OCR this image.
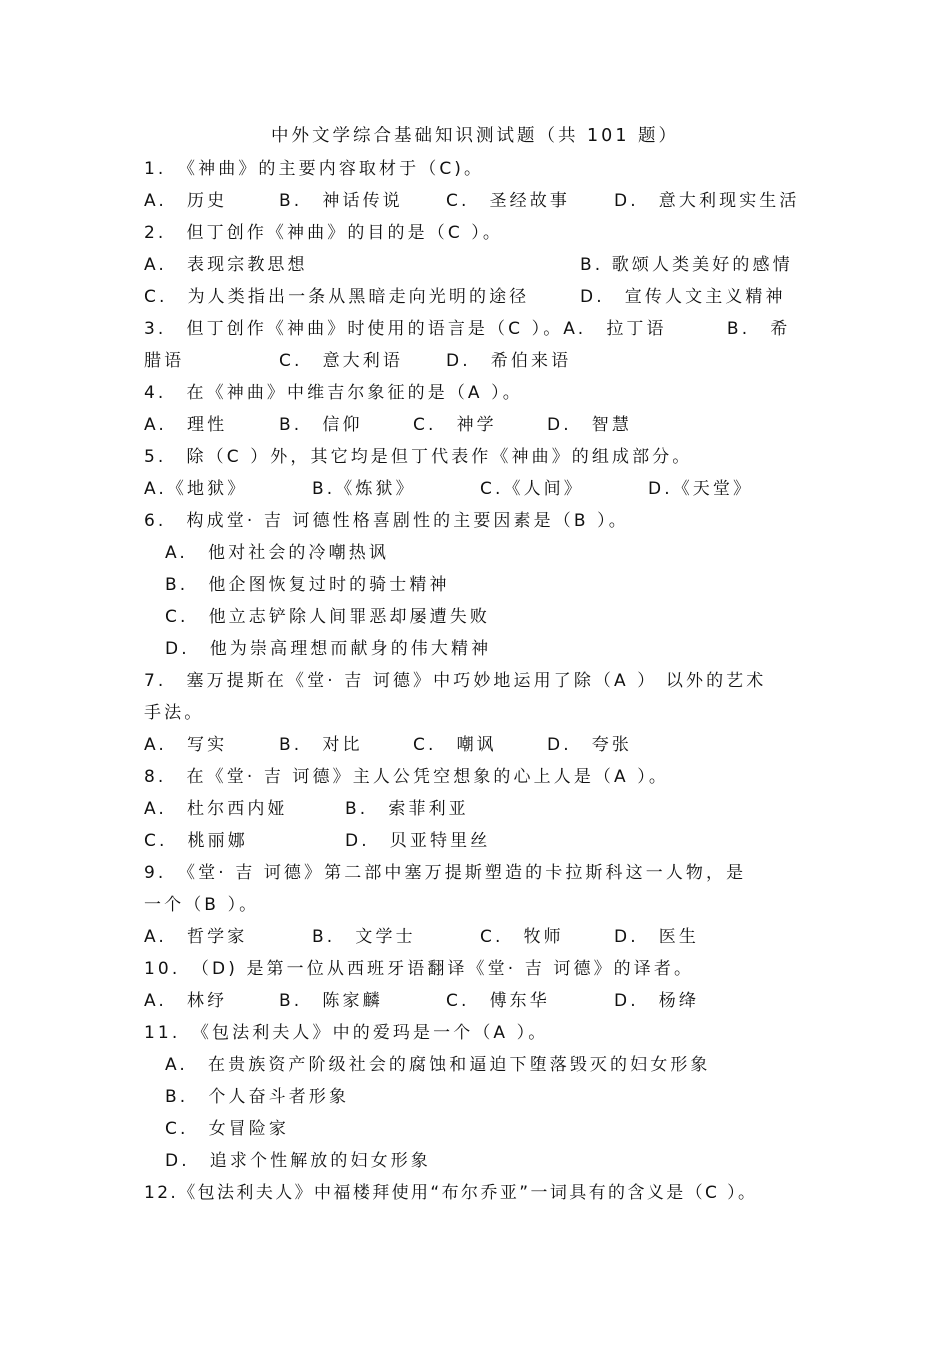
中外文学综合基础知识测试题（共 101 题）
1.　《神曲》的主要内容取材于（C)。
A.　历史	B.　神话传说	C.　圣经故事	D.　意大利现实生活
2.　但丁创作《神曲》的目的是（C ）。
A.　表现宗教思想	B. 歌颂人类美好的感情
C.　为人类指出一条从黑暗走向光明的途径	D.　宣传人文主义精神
3.　但丁创作《神曲》时使用的语言是（C ）。A.　拉丁语　　　B.　希
腊语	C.　意大利语	D.　希伯来语
4.　在《神曲》中维吉尔象征的是（A ）。
A.　理性	B.　信仰	C.　神学	D.　智慧
5.　除（C ）外，其它均是但丁代表作《神曲》的组成部分。
A.《地狱》	B.《炼狱》	C.《人间》	D.《天堂》
6.　构成堂· 吉 诃德性格喜剧性的主要因素是（B ）。
A.　他对社会的冷嘲热讽
B.　他企图恢复过时的骑士精神
C.　他立志铲除人间罪恶却屡遭失败
D.　他为崇高理想而献身的伟大精神
7.　塞万提斯在《堂· 吉 诃德》中巧妙地运用了除（A ） 以外的艺术
手法。
A.　写实	B.　对比	C.　嘲讽	D.　夸张
8.　在《堂· 吉 诃德》主人公凭空想象的心上人是（A ）。
A.　杜尔西内娅	B.　索菲利亚
C.　桃丽娜	D.　贝亚特里丝
9.　《堂· 吉 诃德》第二部中塞万提斯塑造的卡拉斯科这一人物，是
一个（B ）。
A.　哲学家	B.　文学士	C.　牧师	D.　医生
10.　（D) 是第一位从西班牙语翻译《堂· 吉 诃德》的译者。
A.　林纾	B.　陈家麟	C.　傅东华	D.　杨绛
11.　《包法利夫人》中的爱玛是一个（A ）。
A.　在贵族资产阶级社会的腐蚀和逼迫下堕落毁灭的妇女形象
B.　个人奋斗者形象
C.　女冒险家
D.　追求个性解放的妇女形象
12.《包法利夫人》中福楼拜使用“布尔乔亚”一词具有的含义是（C ）。
